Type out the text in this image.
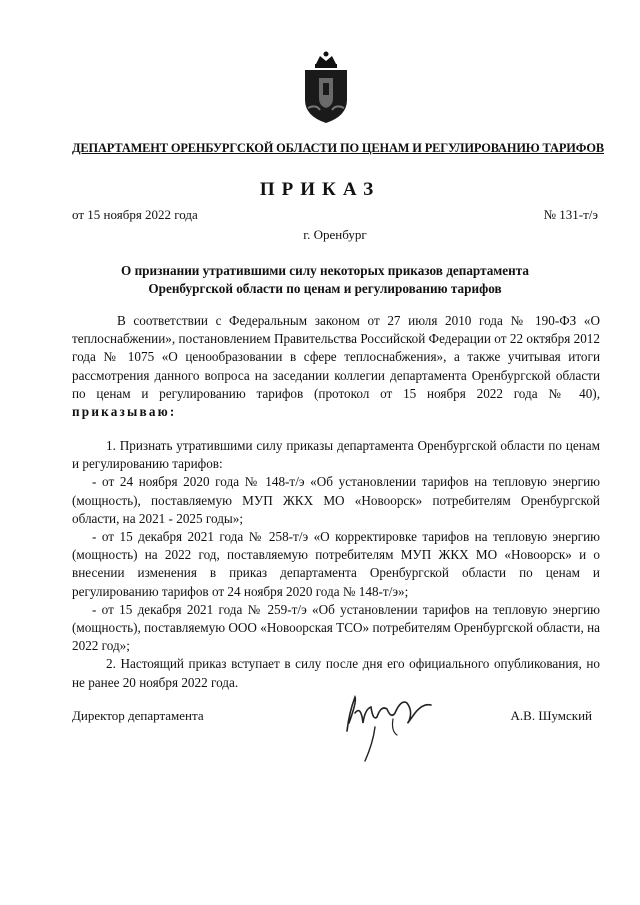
ДЕПАРТАМЕНТ ОРЕНБУРГСКОЙ ОБЛАСТИ ПО ЦЕНАМ И РЕГУЛИРОВАНИЮ ТАРИФОВ
ПРИКАЗ
от 15 ноября 2022 года	№ 131-т/э
г. Оренбург
О признании утратившими силу некоторых приказов департамента Оренбургской области по ценам и регулированию тарифов
В соответствии с Федеральным законом от 27 июля 2010 года № 190-ФЗ «О теплоснабжении», постановлением Правительства Российской Федерации от 22 октября 2012 года № 1075 «О ценообразовании в сфере теплоснабжения», а также учитывая итоги рассмотрения данного вопроса на заседании коллегии департамента Оренбургской области по ценам и регулированию тарифов (протокол от 15 ноября 2022 года № 40), приказываю:

1. Признать утратившими силу приказы департамента Оренбургской области по ценам и регулированию тарифов:

- от 24 ноября 2020 года № 148-т/э «Об установлении тарифов на тепловую энергию (мощность), поставляемую МУП ЖКХ МО «Новоорск» потребителям Оренбургской области, на 2021 - 2025 годы»;

- от 15 декабря 2021 года № 258-т/э «О корректировке тарифов на тепловую энергию (мощность) на 2022 год, поставляемую потребителям МУП ЖКХ МО «Новоорск» и о внесении изменения в приказ департамента Оренбургской области по ценам и регулированию тарифов от 24 ноября 2020 года № 148-т/э»;

- от 15 декабря 2021 года № 259-т/э «Об установлении тарифов на тепловую энергию (мощность), поставляемую ООО «Новоорская ТСО» потребителям Оренбургской области, на 2022 год»;

2. Настоящий приказ вступает в силу после дня его официального опубликования, но не ранее 20 ноября 2022 года.

Директор департамента	А.В. Шумский
